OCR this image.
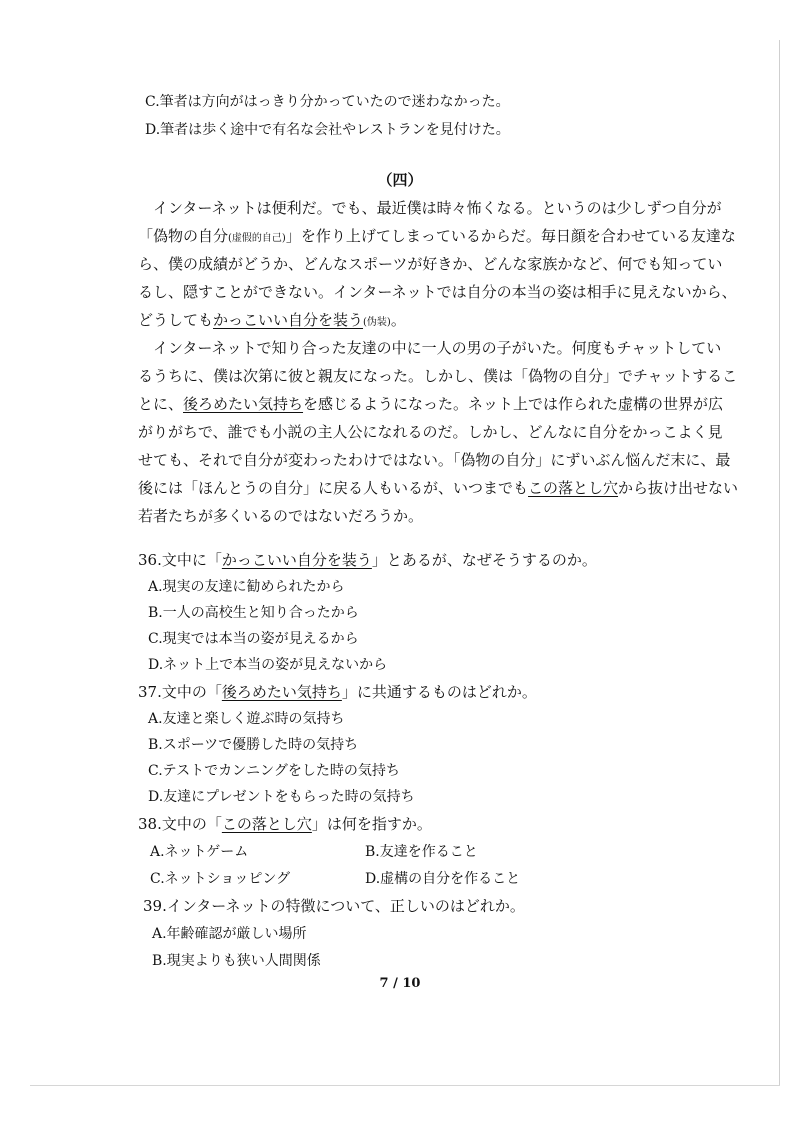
C.筆者は方向がはっきり分かっていたので迷わなかった。
D.筆者は歩く途中で有名な会社やレストランを見付けた。
（四）
　インターネットは便利だ。でも、最近僕は時々怖くなる。というのは少しずつ自分が
「偽物の自分(虚假的自己)」を作り上げてしまっているからだ。毎日顔を合わせている友達な
ら、僕の成績がどうか、どんなスポーツが好きか、どんな家族かなど、何でも知ってい
るし、隠すことができない。インターネットでは自分の本当の姿は相手に見えないから、
どうしてもかっこいい自分を装う(伪装)。
　インターネットで知り合った友達の中に一人の男の子がいた。何度もチャットしてい
るうちに、僕は次第に彼と親友になった。しかし、僕は「偽物の自分」でチャットするこ
とに、後ろめたい気持ちを感じるようになった。ネット上では作られた虚構の世界が広
がりがちで、誰でも小説の主人公になれるのだ。しかし、どんなに自分をかっこよく見
せても、それで自分が変わったわけではない。「偽物の自分」にずいぶん悩んだ末に、最
後には「ほんとうの自分」に戻る人もいるが、いつまでもこの落とし穴から抜け出せない
若者たちが多くいるのではないだろうか。
36.文中に「かっこいい自分を装う」とあるが、なぜそうするのか。
A.現実の友達に勧められたから
B.一人の高校生と知り合ったから
C.現実では本当の姿が見えるから
D.ネット上で本当の姿が見えないから
37.文中の「後ろめたい気持ち」に共通するものはどれか。
A.友達と楽しく遊ぶ時の気持ち
B.スポーツで優勝した時の気持ち
C.テストでカンニングをした時の気持ち
D.友達にプレゼントをもらった時の気持ち
38.文中の「この落とし穴」は何を指すか。
A.ネットゲーム	B.友達を作ること
C.ネットショッピング	D.虚構の自分を作ること
39.インターネットの特徴について、正しいのはどれか。
A.年齢確認が厳しい場所
B.現実よりも狭い人間関係
7 / 10
